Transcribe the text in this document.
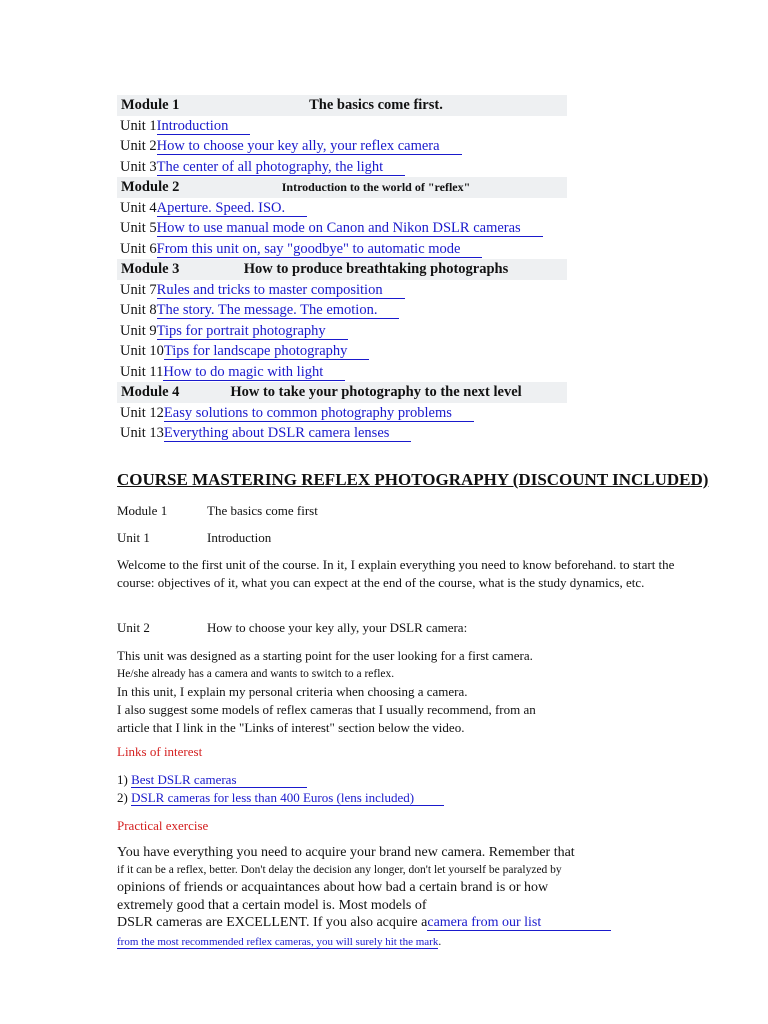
Module 1	The basics come first.
Unit 1Introduction
Unit 2How to choose your key ally, your reflex camera
Unit 3The center of all photography, the light
Module 2	Introduction to the world of "reflex"
Unit 4Aperture. Speed. ISO.
Unit 5How to use manual mode on Canon and Nikon DSLR cameras
Unit 6From this unit on, say "goodbye" to automatic mode
Module 3	How to produce breathtaking photographs
Unit 7Rules and tricks to master composition
Unit 8The story. The message. The emotion.
Unit 9Tips for portrait photography
Unit 10Tips for landscape photography
Unit 11How to do magic with light
Module 4	How to take your photography to the next level
Unit 12Easy solutions to common photography problems
Unit 13Everything about DSLR camera lenses
COURSE MASTERING REFLEX PHOTOGRAPHY (DISCOUNT INCLUDED)
Module 1	The basics come first
Unit 1	Introduction
Welcome to the first unit of the course. In it, I explain everything you need to know beforehand. to start the course: objectives of it, what you can expect at the end of the course, what is the study dynamics, etc.
Unit 2	How to choose your key ally, your DSLR camera:
This unit was designed as a starting point for the user looking for a first camera.
He/she already has a camera and wants to switch to a reflex.
In this unit, I explain my personal criteria when choosing a camera.
I also suggest some models of reflex cameras that I usually recommend, from an article that I link in the "Links of interest" section below the video.
Links of interest
1) Best DSLR cameras
2) DSLR cameras for less than 400 Euros (lens included)
Practical exercise
You have everything you need to acquire your brand new camera. Remember that
if it can be a reflex, better. Don't delay the decision any longer, don't let yourself be paralyzed by
opinions of friends or acquaintances about how bad a certain brand is or how extremely good that a certain model is. Most models of
DSLR cameras are EXCELLENT. If you also acquire acamera from our list
from the most recommended reflex cameras, you will surely hit the mark.
